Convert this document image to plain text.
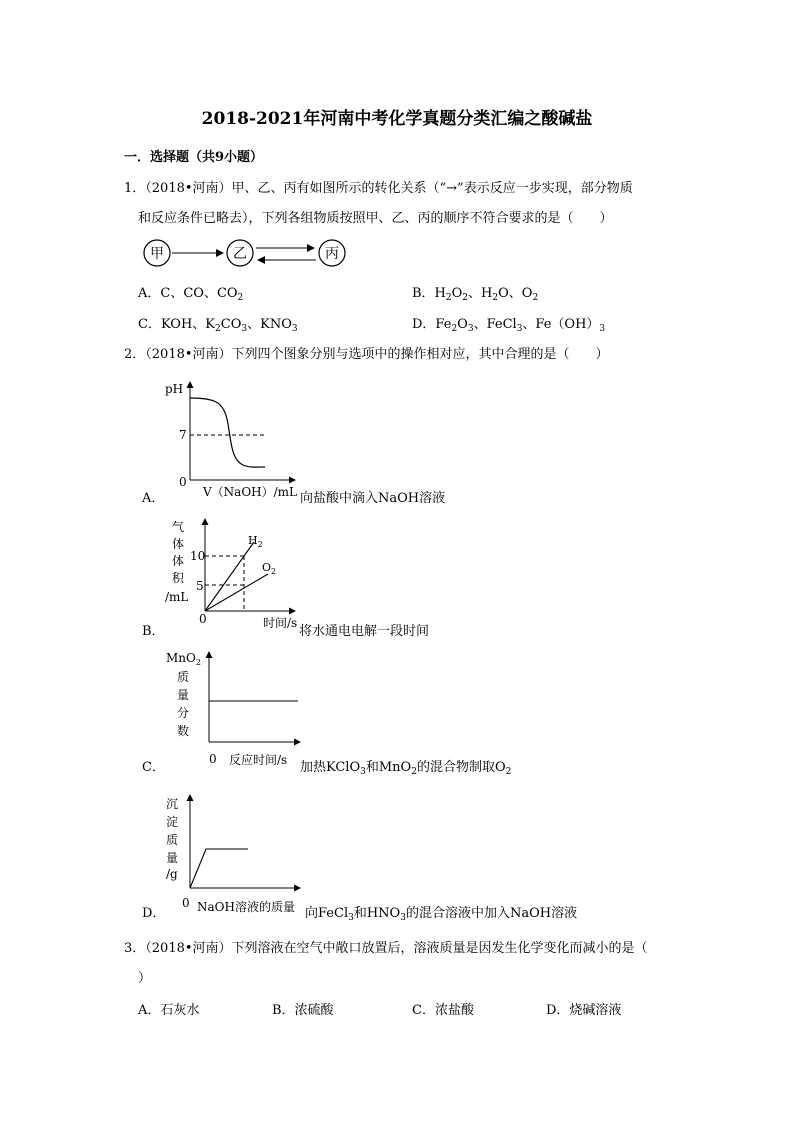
2018-2021年河南中考化学真题分类汇编之酸碱盐
一．选择题（共9小题）
1．（2018•河南）甲、乙、丙有如图所示的转化关系（“→”表示反应一步实现，部分物质
和反应条件已略去），下列各组物质按照甲、乙、丙的顺序不符合要求的是（　　）
甲	乙	丙
A．C、CO、$CO_2$	B．$H_2O_2$、$H_2O$、$O_2$
C．KOH、$K_2CO_3$、$KNO_3$	D．$Fe_2O_3$、FeCl$_3$、$Fe(OH)_3$
2．（2018•河南）下列四个图象分别与选项中的操作相对应，其中合理的是（　　）
pH
7
0
A．	V（NaOH）/mL 向盐酸中滴入NaOH溶液
气
体
体
积
/mL
10
5
$H_2$
$O_2$
0
B．
时间/s
将水通电电解一段时间
MnO$_2$
质
量
分
数
0
C．	反应时间/s 加热KClO$_3$和MnO$_2$的混合物制取$O_2$
沉
淀
质
量
/g
0
D．	NaOH溶液的质量 向FeCl$_3$和$HNO_3$的混合溶液中加入NaOH溶液
3．（2018•河南）下列溶液在空气中敞口放置后，溶液质量是因发生化学变化而减小的是（
）
A．石灰水	B．浓硫酸	C．浓盐酸	D．烧碱溶液
